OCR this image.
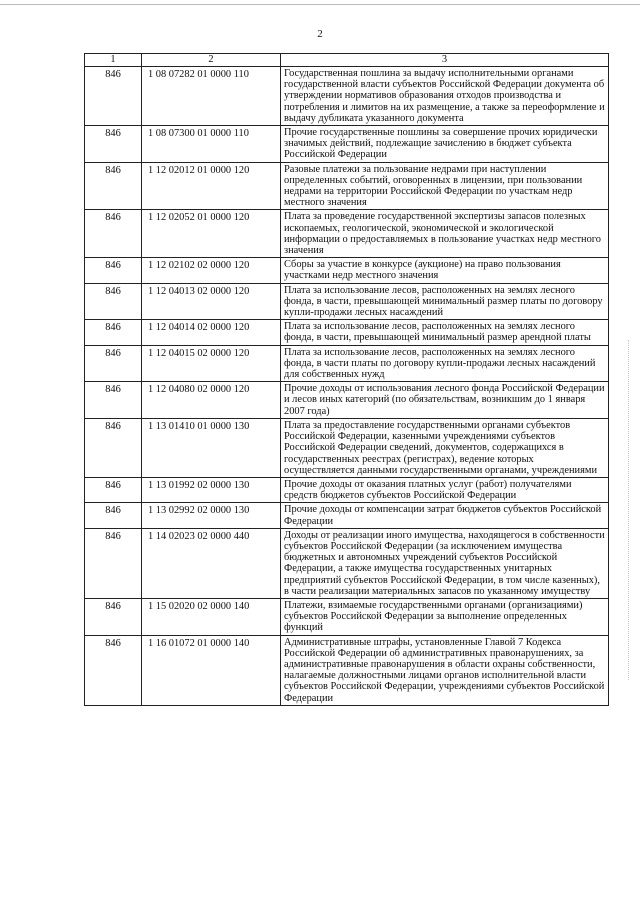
2
1	2	3
846	1 08 07282 01 0000 110	Государственная пошлина за выдачу исполнительными органами государственной власти субъектов Российской Федерации документа об утверждении нормативов образования отходов производства и потребления и лимитов на их размещение, а также за переоформление и выдачу дубликата указанного документа
846	1 08 07300 01 0000 110	Прочие государственные пошлины за совершение прочих юридически значимых действий, подлежащие зачислению в бюджет субъекта Российской Федерации
846	1 12 02012 01 0000 120	Разовые платежи за пользование недрами при наступлении определенных событий, оговоренных в лицензии, при пользовании недрами на территории Российской Федерации по участкам недр местного значения
846	1 12 02052 01 0000 120	Плата за проведение государственной экспертизы запасов полезных ископаемых, геологической, экономической и экологической информации о предоставляемых в пользование участках недр местного значения
846	1 12 02102 02 0000 120	Сборы за участие в конкурсе (аукционе) на право пользования участками недр местного значения
846	1 12 04013 02 0000 120	Плата за использование лесов, расположенных на землях лесного фонда, в части, превышающей минимальный размер платы по договору купли-продажи лесных насаждений
846	1 12 04014 02 0000 120	Плата за использование лесов, расположенных на землях лесного фонда, в части, превышающей минимальный размер арендной платы
846	1 12 04015 02 0000 120	Плата за использование лесов, расположенных на землях лесного фонда, в части платы по договору купли-продажи лесных насаждений для собственных нужд
846	1 12 04080 02 0000 120	Прочие доходы от использования лесного фонда Российской Федерации и лесов иных категорий (по обязательствам, возникшим до 1 января 2007 года)
846	1 13 01410 01 0000 130	Плата за предоставление государственными органами субъектов Российской Федерации, казенными учреждениями субъектов Российской Федерации сведений, документов, содержащихся в государственных реестрах (регистрах), ведение которых осуществляется данными государственными органами, учреждениями
846	1 13 01992 02 0000 130	Прочие доходы от оказания платных услуг (работ) получателями средств бюджетов субъектов Российской Федерации
846	1 13 02992 02 0000 130	Прочие доходы от компенсации затрат бюджетов субъектов Российской Федерации
846	1 14 02023 02 0000 440	Доходы от реализации иного имущества, находящегося в собственности субъектов Российской Федерации (за исключением имущества бюджетных и автономных учреждений субъектов Российской Федерации, а также имущества государственных унитарных предприятий субъектов Российской Федерации, в том числе казенных), в части реализации материальных запасов по указанному имуществу
846	1 15 02020 02 0000 140	Платежи, взимаемые государственными органами (организациями) субъектов Российской Федерации за выполнение определенных функций
846	1 16 01072 01 0000 140	Административные штрафы, установленные Главой 7 Кодекса Российской Федерации об административных правонарушениях, за административные правонарушения в области охраны собственности, налагаемые должностными лицами органов исполнительной власти субъектов Российской Федерации, учреждениями субъектов Российской Федерации
